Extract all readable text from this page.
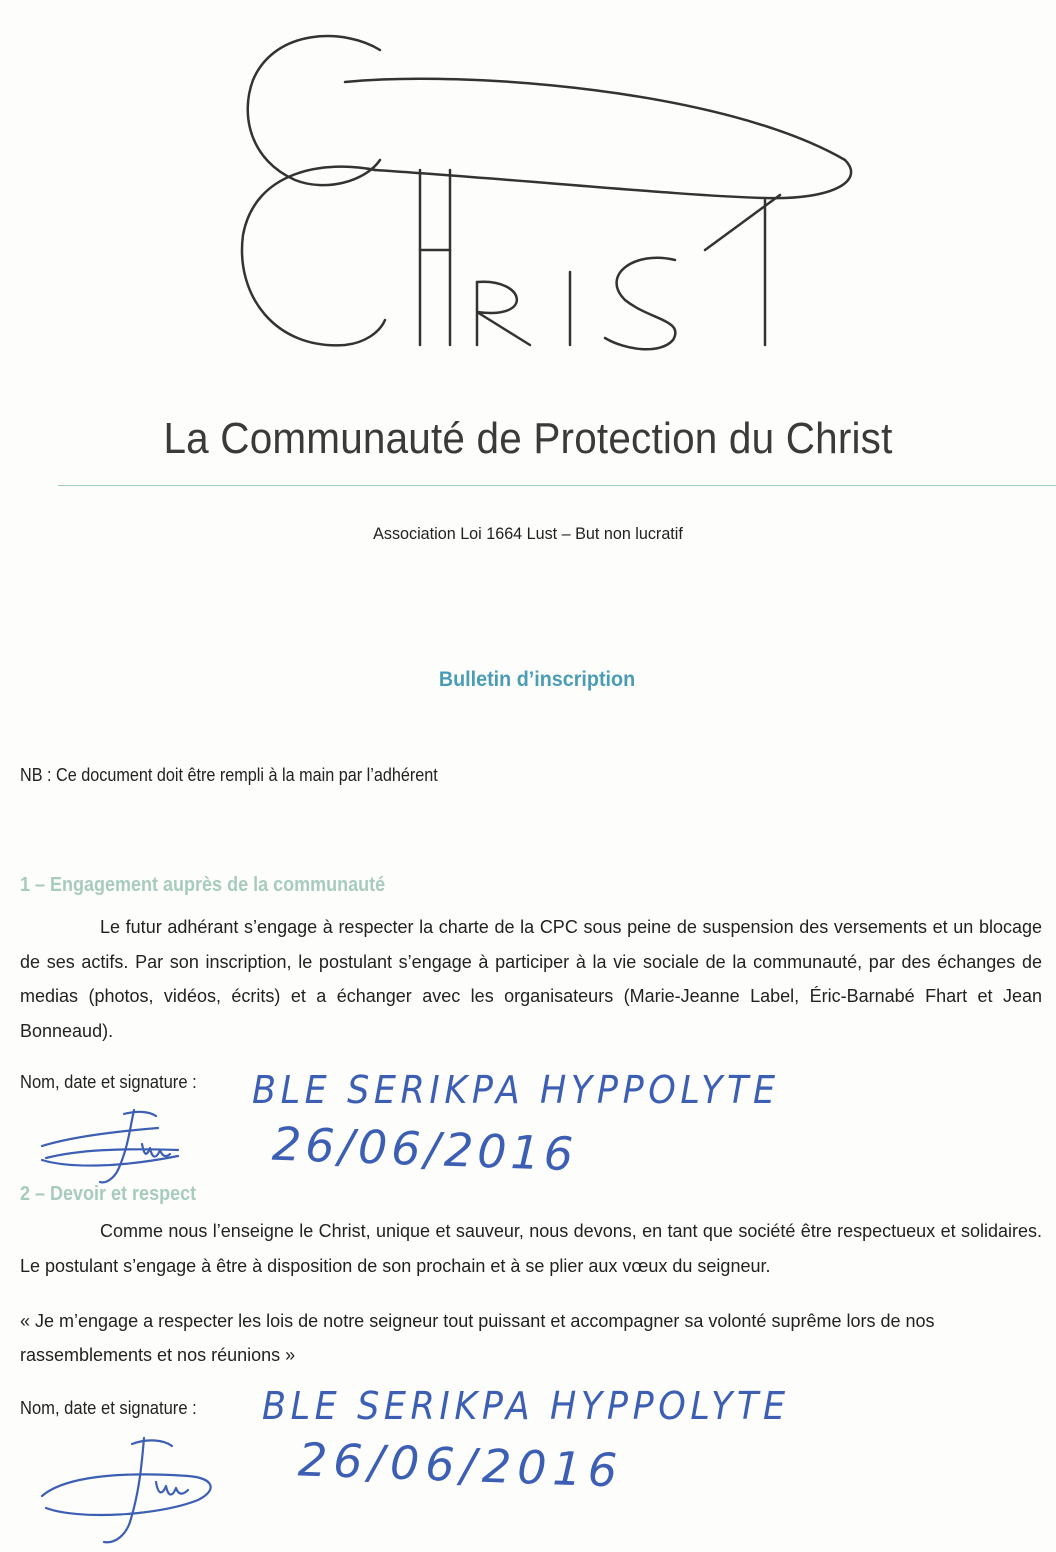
La Communauté de Protection du Christ
Association Loi 1664 Lust – But non lucratif
Bulletin d’inscription
NB : Ce document doit être rempli à la main par l’adhérent
1 – Engagement auprès de la communauté
Le futur adhérant s’engage à respecter la charte de la CPC sous peine de suspension des versements et un blocage de ses actifs. Par son inscription, le postulant s’engage à participer à la vie sociale de la communauté, par des échanges de medias (photos, vidéos, écrits) et a échanger avec les organisateurs (Marie-Jeanne Label, Éric-Barnabé Fhart et Jean Bonneaud).
Nom, date et signature : BLE SERIKPA HYPPOLYTE
26/06/2016
2 – Devoir et respect
Comme nous l’enseigne le Christ, unique et sauveur, nous devons, en tant que société être respectueux et solidaires. Le postulant s’engage à être à disposition de son prochain et à se plier aux vœux du seigneur.
« Je m’engage a respecter les lois de notre seigneur tout puissant et accompagner sa volonté suprême lors de nos rassemblements et nos réunions »
Nom, date et signature : BLE SERIKPA HYPPOLYTE
26/06/2016
